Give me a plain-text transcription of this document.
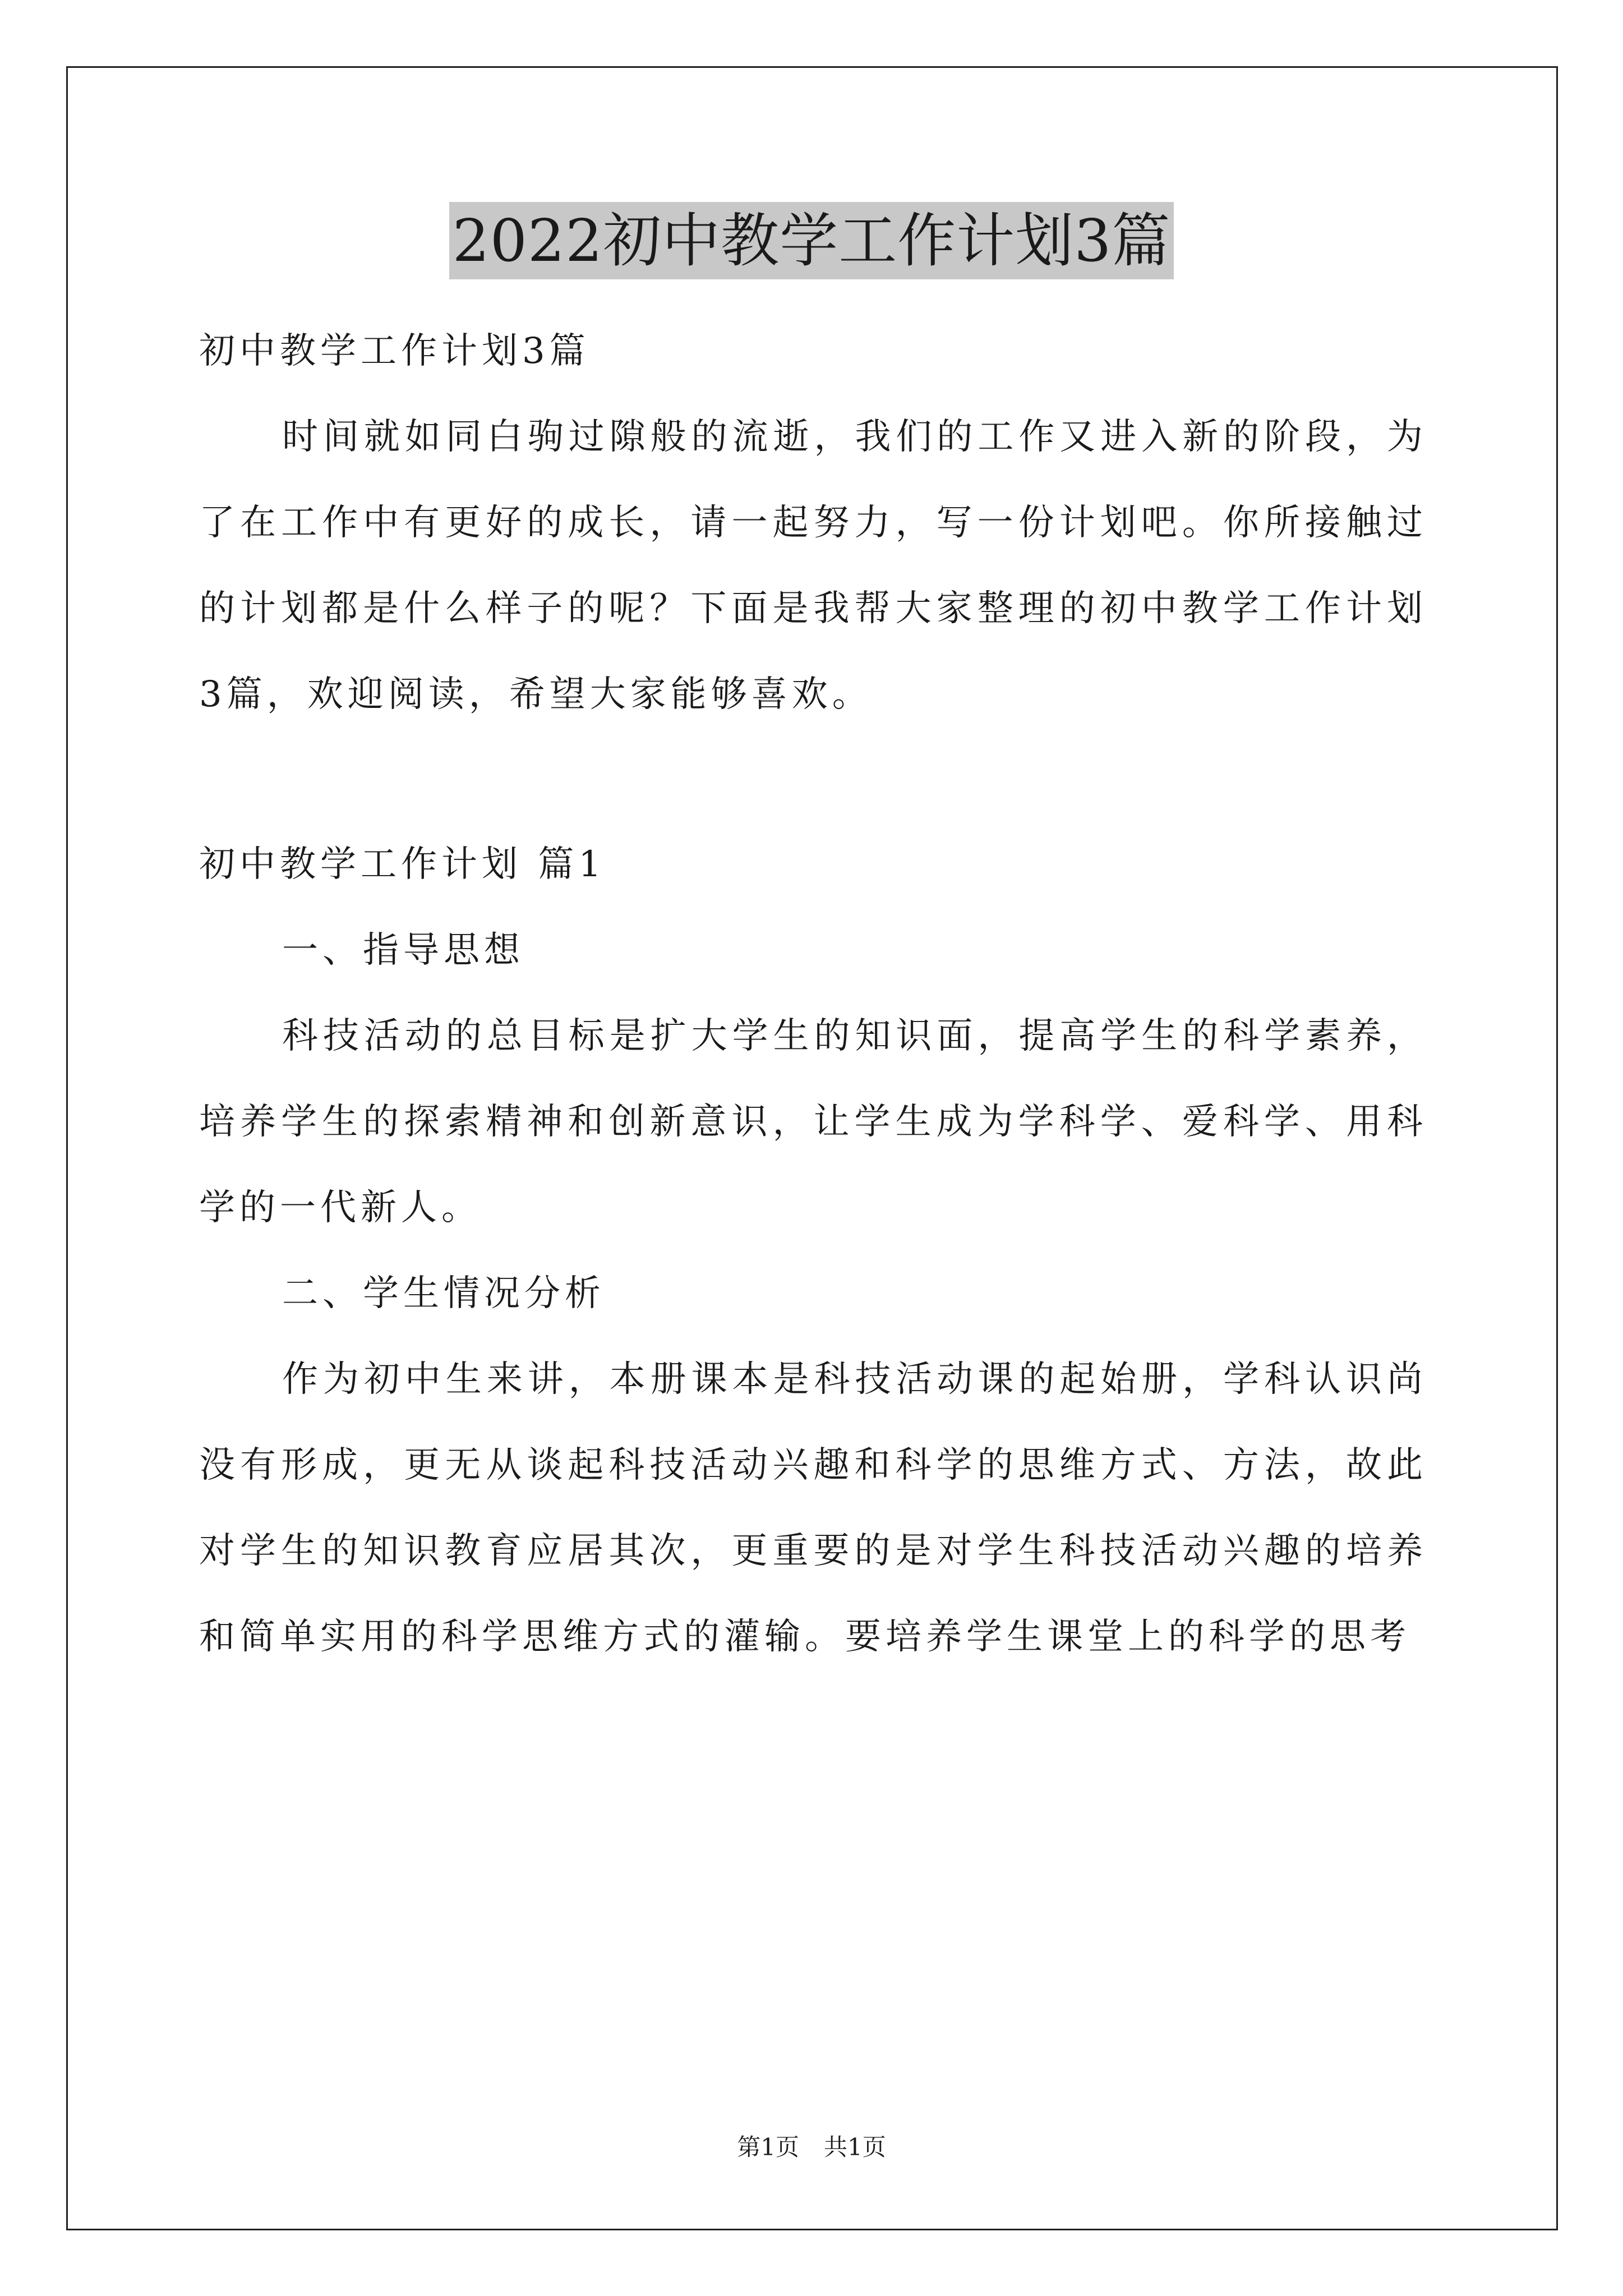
2022初中教学工作计划3篇

初中教学工作计划3篇

时间就如同白驹过隙般的流逝，我们的工作又进入新的阶段，为了在工作中有更好的成长，请一起努力，写一份计划吧。你所接触过的计划都是什么样子的呢？下面是我帮大家整理的初中教学工作计划3篇，欢迎阅读，希望大家能够喜欢。

初中教学工作计划 篇1

一、指导思想

科技活动的总目标是扩大学生的知识面，提高学生的科学素养，培养学生的探索精神和创新意识，让学生成为学科学、爱科学、用科学的一代新人。

二、学生情况分析

作为初中生来讲，本册课本是科技活动课的起始册，学科认识尚没有形成，更无从谈起科技活动兴趣和科学的思维方式、方法，故此对学生的知识教育应居其次，更重要的是对学生科技活动兴趣的培养和简单实用的科学思维方式的灌输。要培养学生课堂上的科学的思考

第1页 共1页
